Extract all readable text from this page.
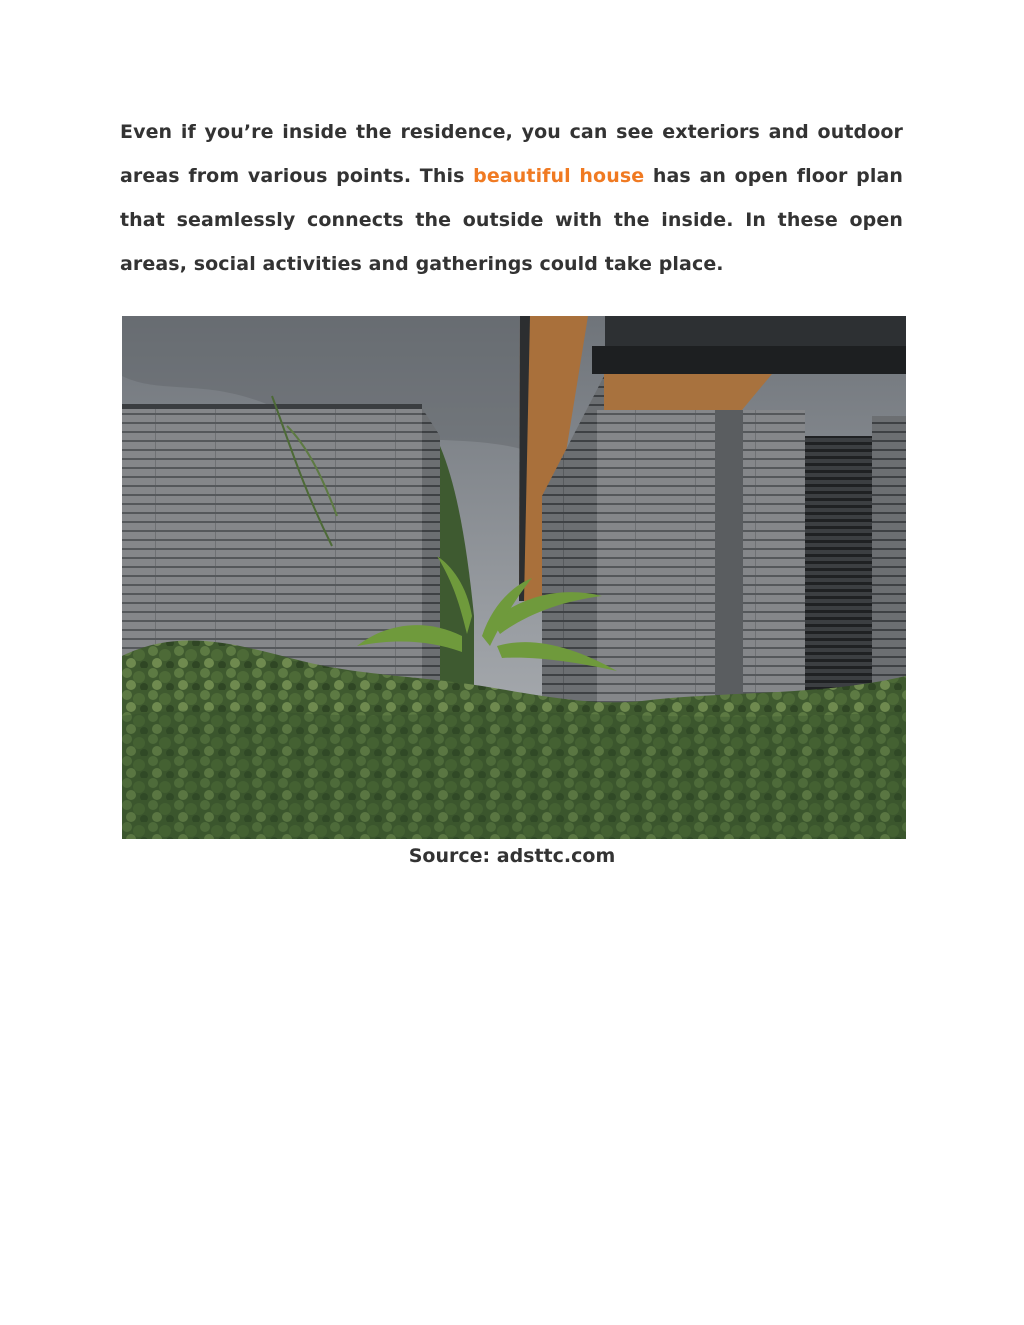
Even if you’re inside the residence, you can see exteriors and outdoor areas from various points. This beautiful house has an open floor plan that seamlessly connects the outside with the inside. In these open areas, social activities and gatherings could take place.

Source: adsttc.com
